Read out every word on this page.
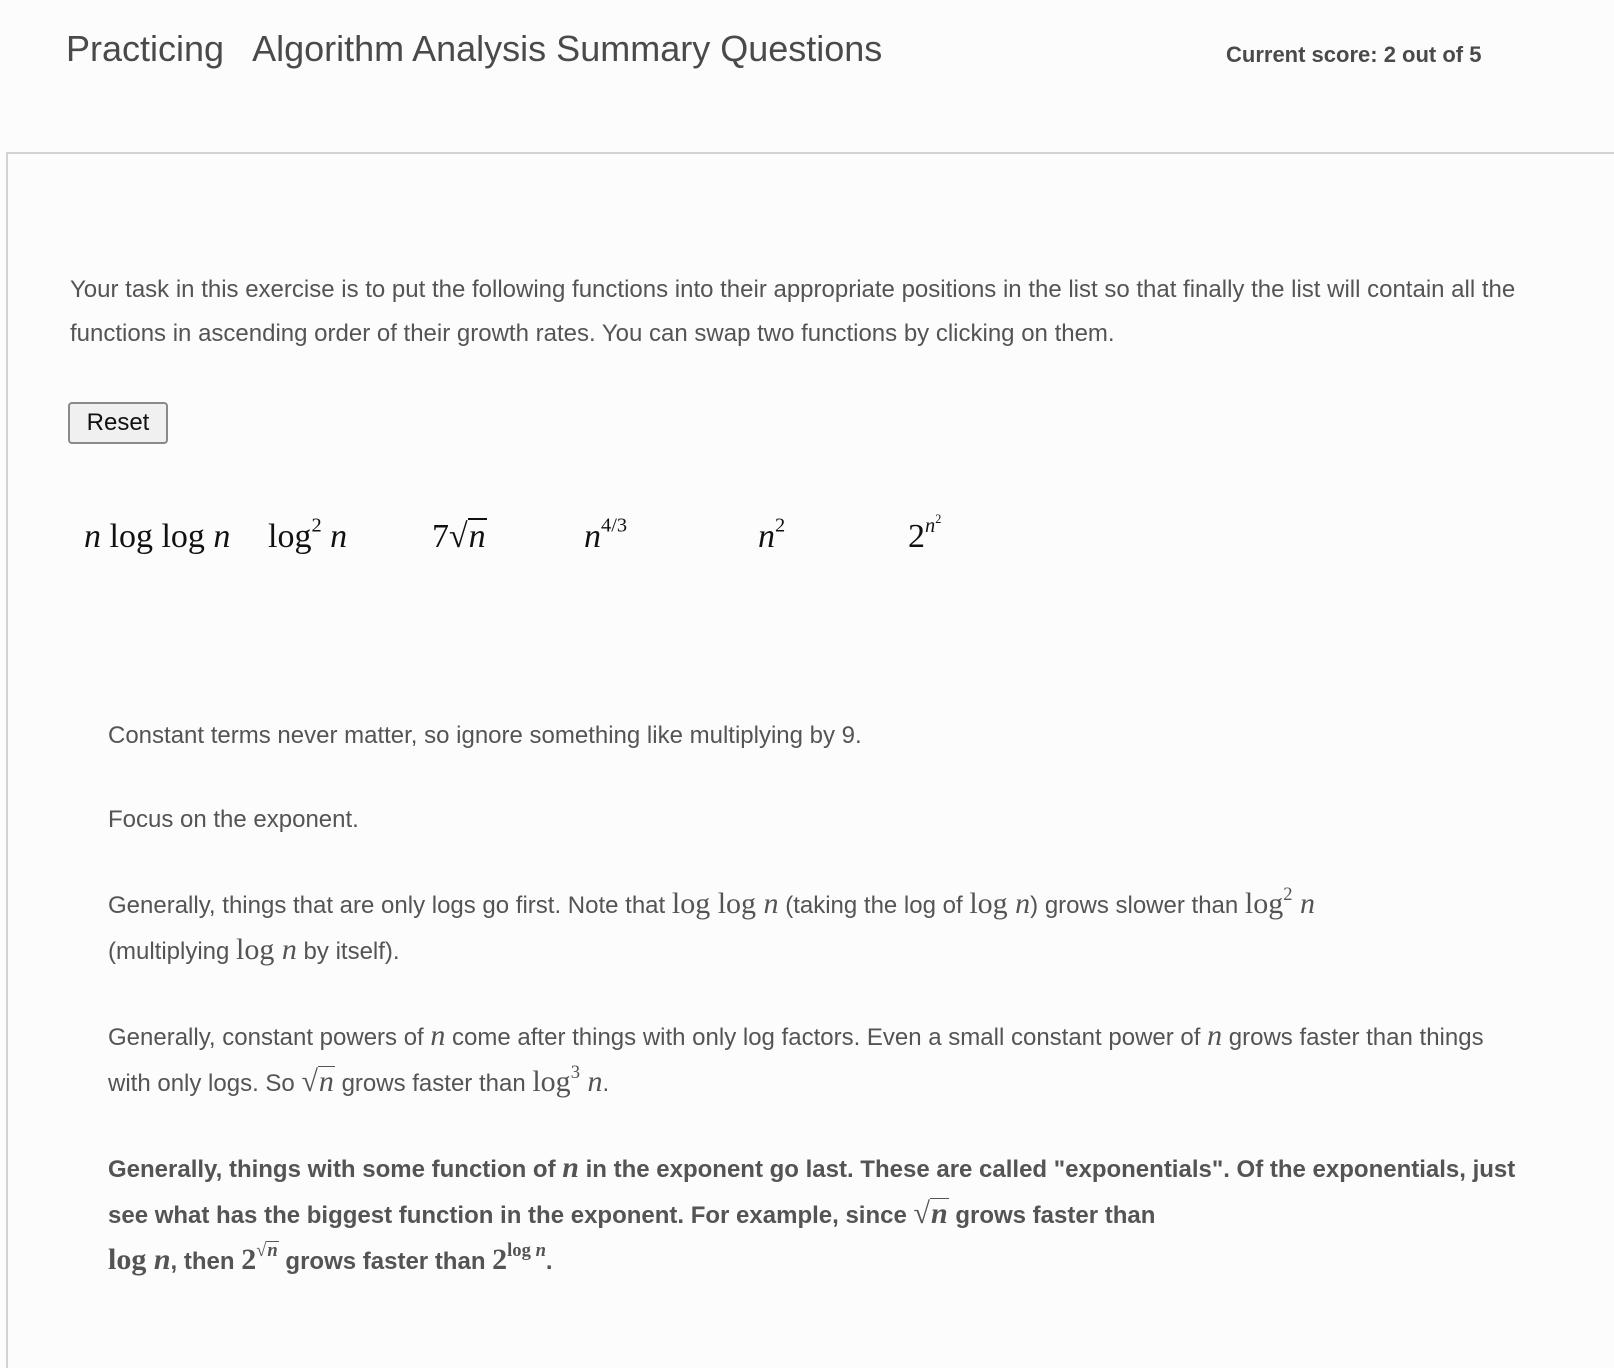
Practicing Algorithm Analysis Summary Questions	Current score: 2 out of 5

Your task in this exercise is to put the following functions into their appropriate positions in the list so that finally the list will contain all the functions in ascending order of their growth rates. You can swap two functions by clicking on them.

Reset
n log log n $\log^2 n$ 7√n	$n^{4/3}$	$n^2$	$2^{n^2}$

Constant terms never matter, so ignore something like multiplying by 9.

Focus on the exponent.

Generally, things that are only logs go first. Note that log log n (taking the log of log n) grows slower than $\log^2 n$
(multiplying log n by itself).

Generally, constant powers of n come after things with only log factors. Even a small constant power of n grows faster than things with only logs. So √n grows faster than $\log^3 n$.

Generally, things with some function of n in the exponent go last. These are called "exponentials". Of the exponentials, just see what has the biggest function in the exponent. For example, since √n grows faster than
log n, then $2^{√n}$ grows faster than $2^{log n}$.
